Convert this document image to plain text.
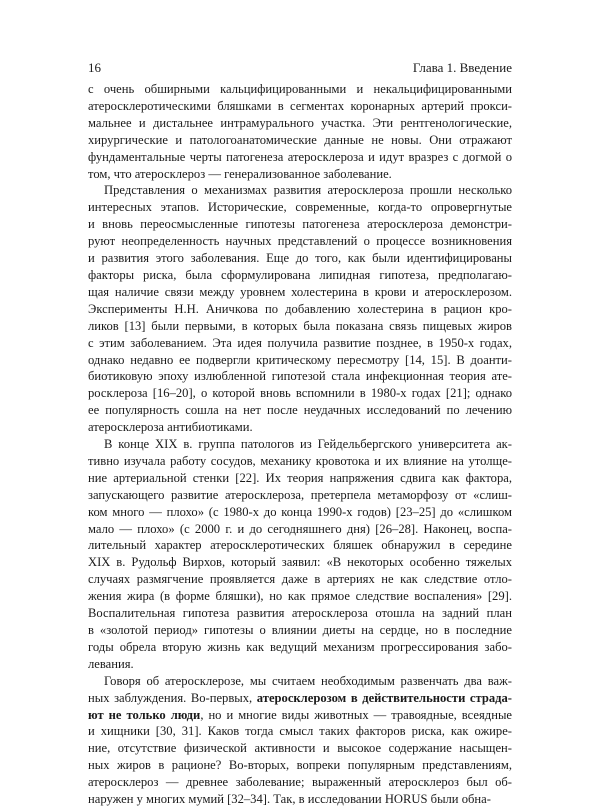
16	Глава 1. Введение
с очень обширными кальцифицированными и некальцифицированными
атеросклеротическими бляшками в сегментах коронарных артерий прокси-
мальнее и дистальнее интрамурального участка. Эти рентгенологические,
хирургические и патологоанатомические данные не новы. Они отражают
фундаментальные черты патогенеза атеросклероза и идут вразрез с догмой о
том, что атеросклероз — генерализованное заболевание.
Представления о механизмах развития атеросклероза прошли несколько
интересных этапов. Исторические, современные, когда-то опровергнутые
и вновь переосмысленные гипотезы патогенеза атеросклероза демонстри-
руют неопределенность научных представлений о процессе возникновения
и развития этого заболевания. Еще до того, как были идентифицированы
факторы риска, была сформулирована липидная гипотеза, предполагаю-
щая наличие связи между уровнем холестерина в крови и атеросклерозом.
Эксперименты Н.Н. Аничкова по добавлению холестерина в рацион кро-
ликов [13] были первыми, в которых была показана связь пищевых жиров
с этим заболеванием. Эта идея получила развитие позднее, в 1950-х годах,
однако недавно ее подвергли критическому пересмотру [14, 15]. В доанти-
биотиковую эпоху излюбленной гипотезой стала инфекционная теория ате-
росклероза [16–20], о которой вновь вспомнили в 1980-х годах [21]; однако
ее популярность сошла на нет после неудачных исследований по лечению
атеросклероза антибиотиками.
В конце XIX в. группа патологов из Гейдельбергского университета ак-
тивно изучала работу сосудов, механику кровотока и их влияние на утолще-
ние артериальной стенки [22]. Их теория напряжения сдвига как фактора,
запускающего развитие атеросклероза, претерпела метаморфозу от «слиш-
ком много — плохо» (с 1980-х до конца 1990-х годов) [23–25] до «слишком
мало — плохо» (с 2000 г. и до сегодняшнего дня) [26–28]. Наконец, воспа-
лительный характер атеросклеротических бляшек обнаружил в середине
XIX в. Рудольф Вирхов, который заявил: «В некоторых особенно тяжелых
случаях размягчение проявляется даже в артериях не как следствие отло-
жения жира (в форме бляшки), но как прямое следствие воспаления» [29].
Воспалительная гипотеза развития атеросклероза отошла на задний план
в «золотой период» гипотезы о влиянии диеты на сердце, но в последние
годы обрела вторую жизнь как ведущий механизм прогрессирования забо-
левания.
Говоря об атеросклерозе, мы считаем необходимым развенчать два важ-
ных заблуждения. Во-первых, атеросклерозом в действительности страда-
ют не только люди, но и многие виды животных — травоядные, всеядные
и хищники [30, 31]. Каков тогда смысл таких факторов риска, как ожире-
ние, отсутствие физической активности и высокое содержание насыщен-
ных жиров в рационе? Во-вторых, вопреки популярным представлениям,
атеросклероз — древнее заболевание; выраженный атеросклероз был об-
наружен у многих мумий [32–34]. Так, в исследовании HORUS были обна-
